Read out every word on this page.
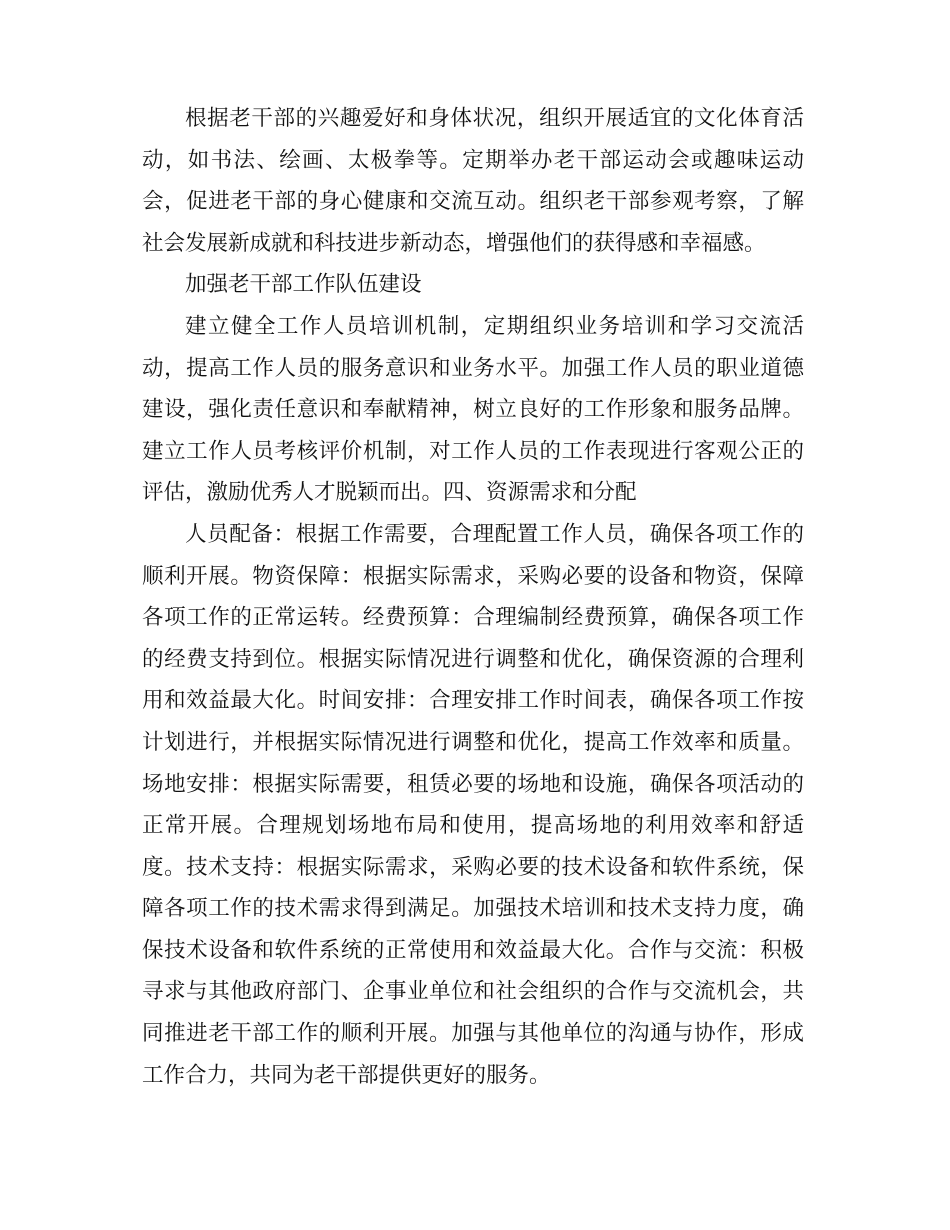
根据老干部的兴趣爱好和身体状况，组织开展适宜的文化体育活动，如书法、绘画、太极拳等。定期举办老干部运动会或趣味运动会，促进老干部的身心健康和交流互动。组织老干部参观考察，了解社会发展新成就和科技进步新动态，增强他们的获得感和幸福感。

加强老干部工作队伍建设

建立健全工作人员培训机制，定期组织业务培训和学习交流活动，提高工作人员的服务意识和业务水平。加强工作人员的职业道德建设，强化责任意识和奉献精神，树立良好的工作形象和服务品牌。建立工作人员考核评价机制，对工作人员的工作表现进行客观公正的评估，激励优秀人才脱颖而出。四、资源需求和分配

人员配备：根据工作需要，合理配置工作人员，确保各项工作的顺利开展。物资保障：根据实际需求，采购必要的设备和物资，保障各项工作的正常运转。经费预算：合理编制经费预算，确保各项工作的经费支持到位。根据实际情况进行调整和优化，确保资源的合理利用和效益最大化。时间安排：合理安排工作时间表，确保各项工作按计划进行，并根据实际情况进行调整和优化，提高工作效率和质量。场地安排：根据实际需要，租赁必要的场地和设施，确保各项活动的正常开展。合理规划场地布局和使用，提高场地的利用效率和舒适度。技术支持：根据实际需求，采购必要的技术设备和软件系统，保障各项工作的技术需求得到满足。加强技术培训和技术支持力度，确保技术设备和软件系统的正常使用和效益最大化。合作与交流：积极寻求与其他政府部门、企事业单位和社会组织的合作与交流机会，共同推进老干部工作的顺利开展。加强与其他单位的沟通与协作，形成工作合力，共同为老干部提供更好的服务。
